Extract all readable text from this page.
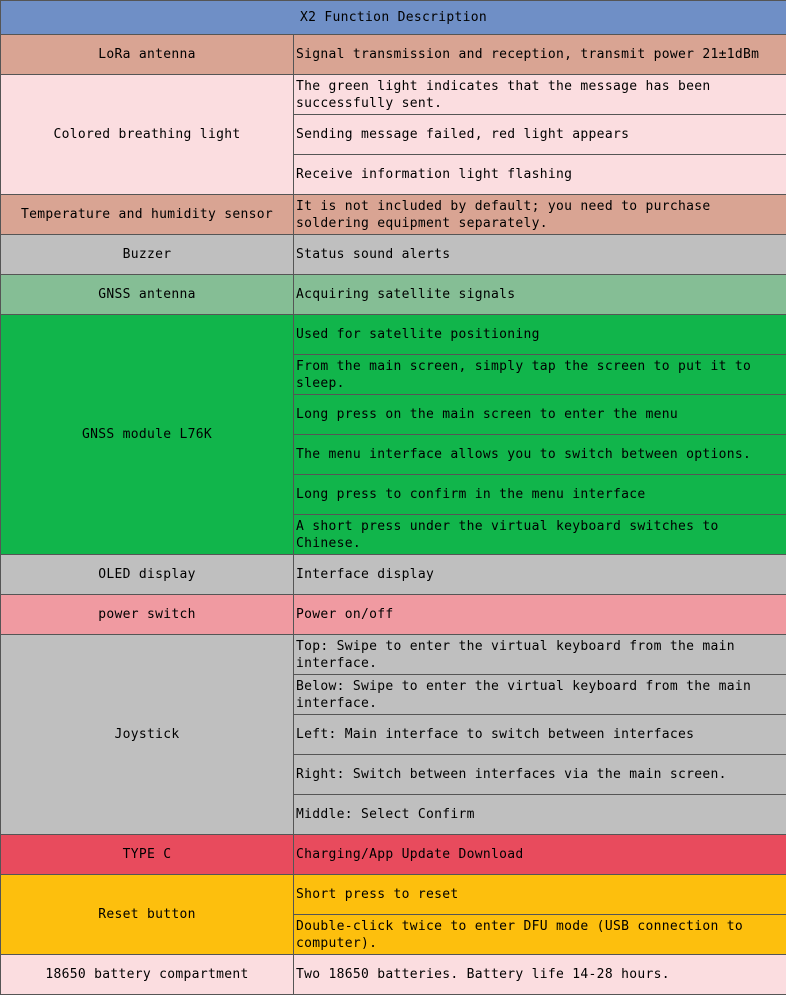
X2 Function Description	
LoRa antenna	Signal transmission and reception, transmit power 21±1dBm
Colored breathing light	The green light indicates that the message has been successfully sent.
	Sending message failed, red light appears
	Receive information light flashing
Temperature and humidity sensor	It is not included by default; you need to purchase soldering equipment separately.
Buzzer	Status sound alerts
GNSS antenna	Acquiring satellite signals
GNSS module L76K	Used for satellite positioning
	From the main screen, simply tap the screen to put it to sleep.
	Long press on the main screen to enter the menu
	The menu interface allows you to switch between options.
	Long press to confirm in the menu interface
	A short press under the virtual keyboard switches to Chinese.
OLED display	Interface display
power switch	Power on/off
Joystick	Top: Swipe to enter the virtual keyboard from the main interface.
	Below: Swipe to enter the virtual keyboard from the main interface.
	Left: Main interface to switch between interfaces
	Right: Switch between interfaces via the main screen.
	Middle: Select Confirm
TYPE C	Charging/App Update Download
Reset button	Short press to reset
	Double-click twice to enter DFU mode (USB connection to computer).
18650 battery compartment	Two 18650 batteries. Battery life 14-28 hours.
